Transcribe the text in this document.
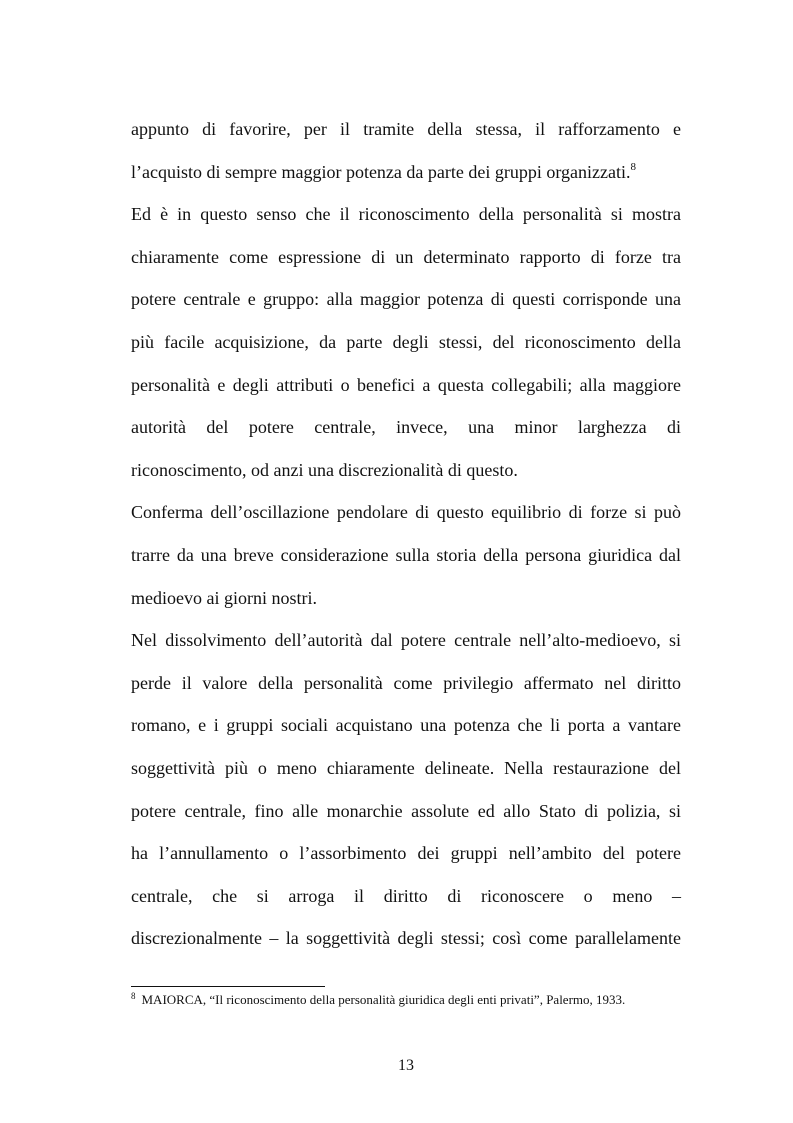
appunto di favorire, per il tramite della stessa, il rafforzamento e
l’acquisto di sempre maggior potenza da parte dei gruppi organizzati.$^8$
Ed è in questo senso che il riconoscimento della personalità si mostra
chiaramente come espressione di un determinato rapporto di forze tra
potere centrale e gruppo: alla maggior potenza di questi corrisponde una
più facile acquisizione, da parte degli stessi, del riconoscimento della
personalità e degli attributi o benefici a questa collegabili; alla maggiore
autorità del potere centrale, invece, una minor larghezza di
riconoscimento, od anzi una discrezionalità di questo.
Conferma dell’oscillazione pendolare di questo equilibrio di forze si può
trarre da una breve considerazione sulla storia della persona giuridica dal
medioevo ai giorni nostri.
Nel dissolvimento dell’autorità dal potere centrale nell’alto-medioevo, si
perde il valore della personalità come privilegio affermato nel diritto
romano, e i gruppi sociali acquistano una potenza che li porta a vantare
soggettività più o meno chiaramente delineate. Nella restaurazione del
potere centrale, fino alle monarchie assolute ed allo Stato di polizia, si
ha l’annullamento o l’assorbimento dei gruppi nell’ambito del potere
centrale, che si arroga il diritto di riconoscere o meno –
discrezionalmente – la soggettività degli stessi; così come parallelamente
$^8$ MAIORCA, “Il riconoscimento della personalità giuridica degli enti privati”, Palermo, 1933.
13
